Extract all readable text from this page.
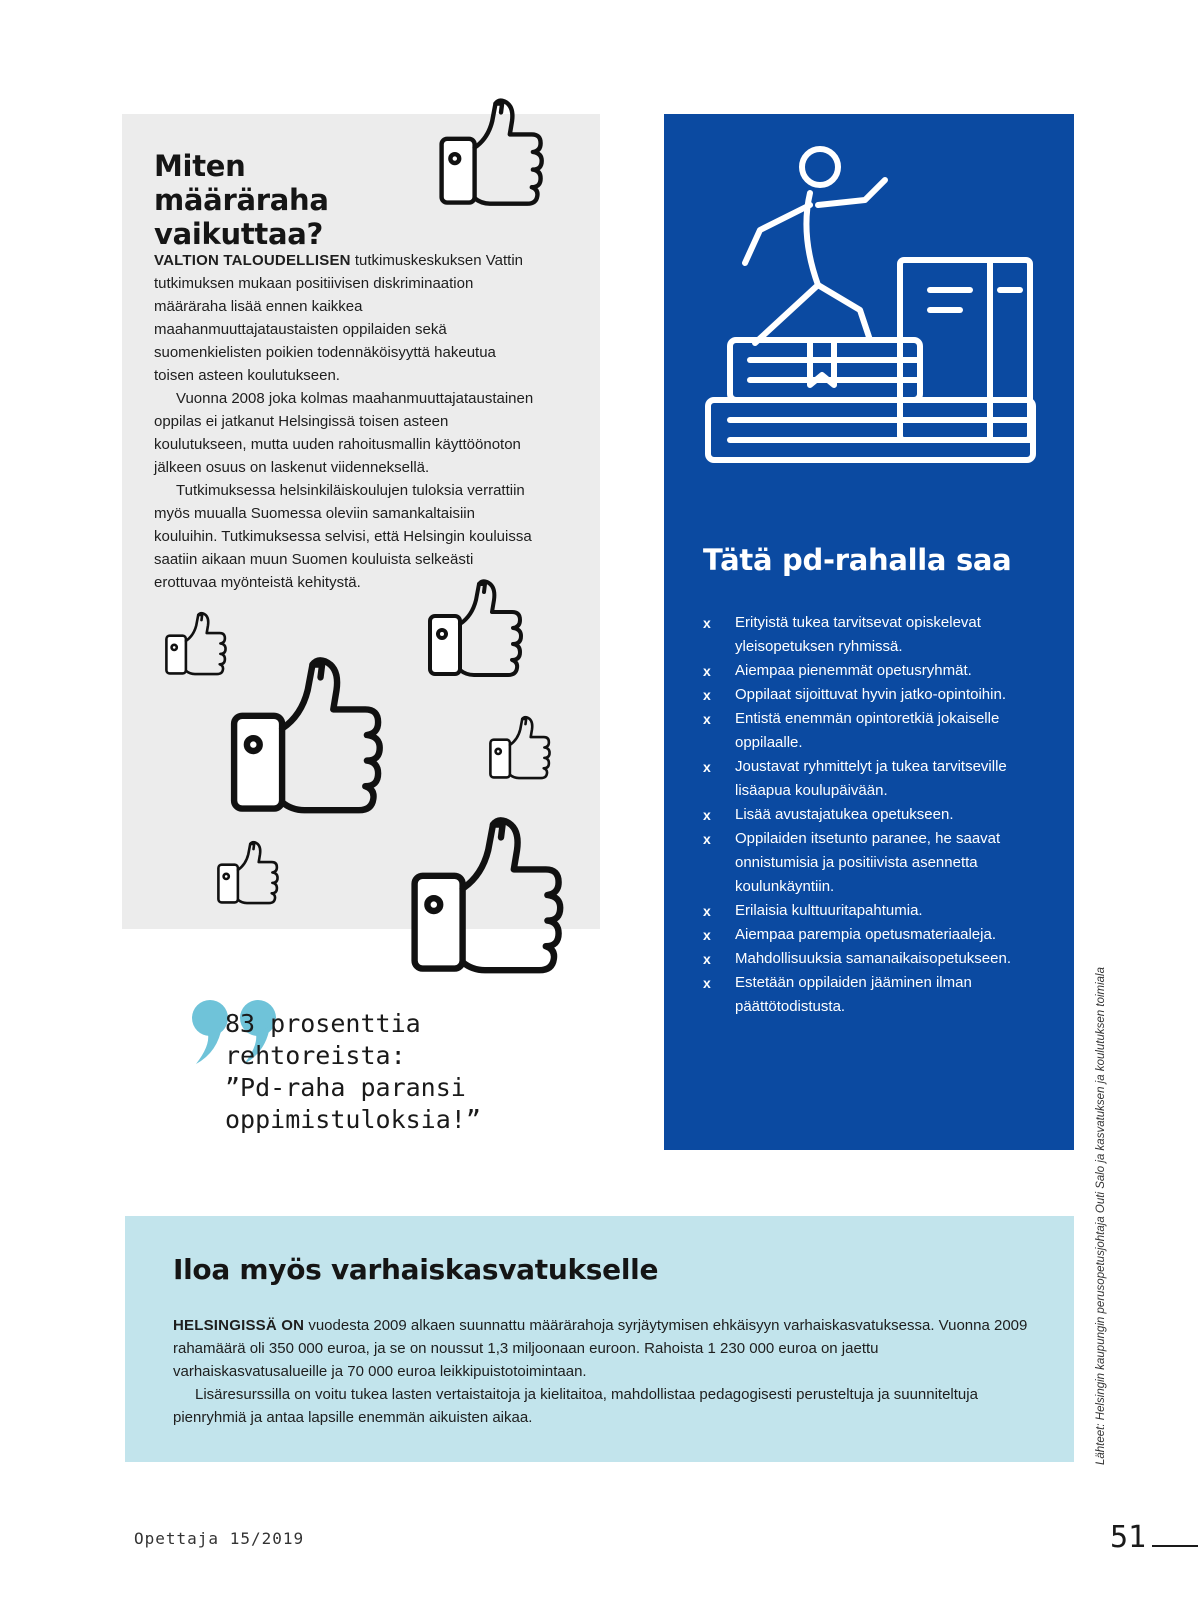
Miten määräraha vaikuttaa?

VALTION TALOUDELLISEN tutkimuskeskuksen Vattin tutkimuksen mukaan positiivisen diskriminaation määräraha lisää ennen kaikkea maahanmuuttajataustaisten oppilaiden sekä suomenkielisten poikien todennäköisyyttä hakeutua toisen asteen koulutukseen.

Vuonna 2008 joka kolmas maahanmuuttajataustainen oppilas ei jatkanut Helsingissä toisen asteen koulutukseen, mutta uuden rahoitusmallin käyttöönoton jälkeen osuus on laskenut viidenneksellä.

Tutkimuksessa helsinkiläiskoulujen tuloksia verrattiin myös muualla Suomessa oleviin samankaltaisiin kouluihin. Tutkimuksessa selvisi, että Helsingin kouluissa saatiin aikaan muun Suomen kouluista selkeästi erottuvaa myönteistä kehitystä.

83 prosenttia
rehtoreista:
”Pd-raha paransi
oppimistuloksia!”
Tätä pd-rahalla saa
x Erityistä tukea tarvitsevat opiskelevat yleisopetuksen ryhmissä.
x Aiempaa pienemmät opetusryhmät.
x Oppilaat sijoittuvat hyvin jatko-opintoihin.
x Entistä enemmän opintoretkiä jokaiselle oppilaalle.
x Joustavat ryhmittelyt ja tukea tarvitseville lisäapua koulupäivään.
x Lisää avustajatukea opetukseen.
x Oppilaiden itsetunto paranee, he saavat onnistumisia ja positiivista asennetta koulunkäyntiin.
x Erilaisia kulttuuritapahtumia.
x Aiempaa parempia opetusmateriaaleja.
x Mahdollisuuksia samanaikaisopetukseen.
x Estetään oppilaiden jääminen ilman päättötodistusta.	Lähteet: Helsingin kaupungin perusopetusjohtaja Outi Salo ja kasvatuksen ja koulutuksen toimiala
Iloa myös varhaiskasvatukselle

HELSINGISSÄ ON vuodesta 2009 alkaen suunnattu määrärahoja syrjäytymisen ehkäisyyn varhaiskasvatuksessa. Vuonna 2009 rahamäärä oli 350 000 euroa, ja se on noussut 1,3 miljoonaan euroon. Rahoista 1 230 000 euroa on jaettu varhaiskasvatusalueille ja 70 000 euroa leikkipuistotoimintaan.

Lisäresurssilla on voitu tukea lasten vertaistaitoja ja kielitaitoa, mahdollistaa pedagogisesti perusteltuja ja suunniteltuja pienryhmiä ja antaa lapsille enemmän aikuisten aikaa.

Opettaja 15/2019	51
